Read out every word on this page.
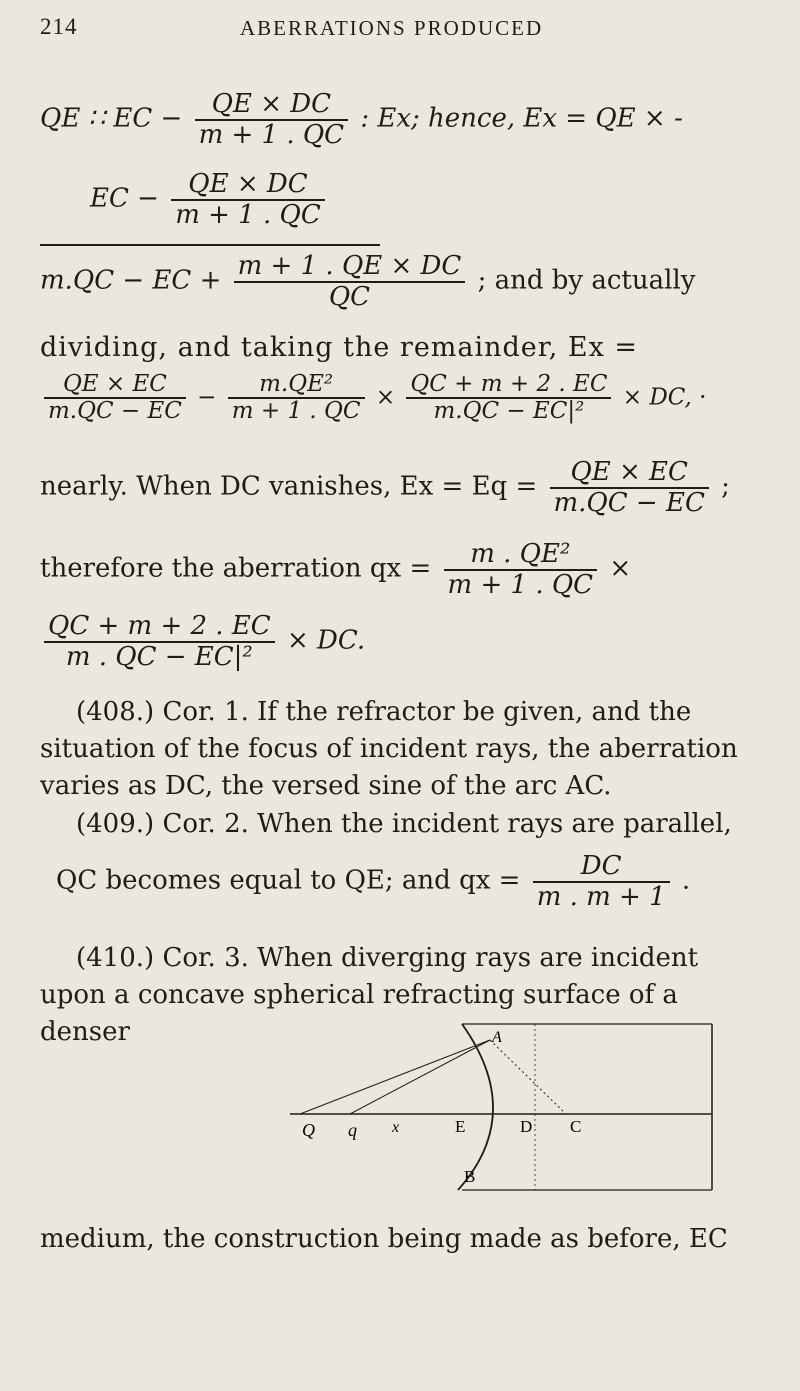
214	ABERRATIONS PRODUCED
QE ∷ EC − $\frac{QE \times DC}{m + 1 . QC}$ : Ex; hence, Ex = QE × -
EC − $\frac{QE \times DC}{m + 1 . QC}$
m.QC − EC + $\frac{m + 1 . QE \times DC}{QC}$ ; and by actually
dividing, and taking the remainder, Ex =
$\frac{QE \times EC}{m.QC - EC} - \frac{\text{m.QE²}}{m + 1 . QC} \times \frac{QC + m + 2 . EC}{\text{m.QC − EC|²}}$ × DC, ·
nearly. When DC vanishes, $Ex = Eq = \frac{QE \times EC}{m.QC - EC}$ ;
therefore the aberration qx = $\frac{\text{m . QE²}}{m + 1 . QC}$ ×
$\frac{QC + m + 2 . EC}{\text{m . QC − EC|²}}$ × DC.
(408.) Cor. 1. If the refractor be given, and the situation of the focus of incident rays, the aberration varies as DC, the versed sine of the arc AC.
(409.) Cor. 2. When the incident rays are parallel,
QC becomes equal to QE; and qx = $\frac{DC}{m . m + 1}$ .
(410.) Cor. 3. When diverging rays are incident upon a concave spherical refracting surface of a denser	A
Q q x	E	D C
B
medium, the construction being made as before, EC
